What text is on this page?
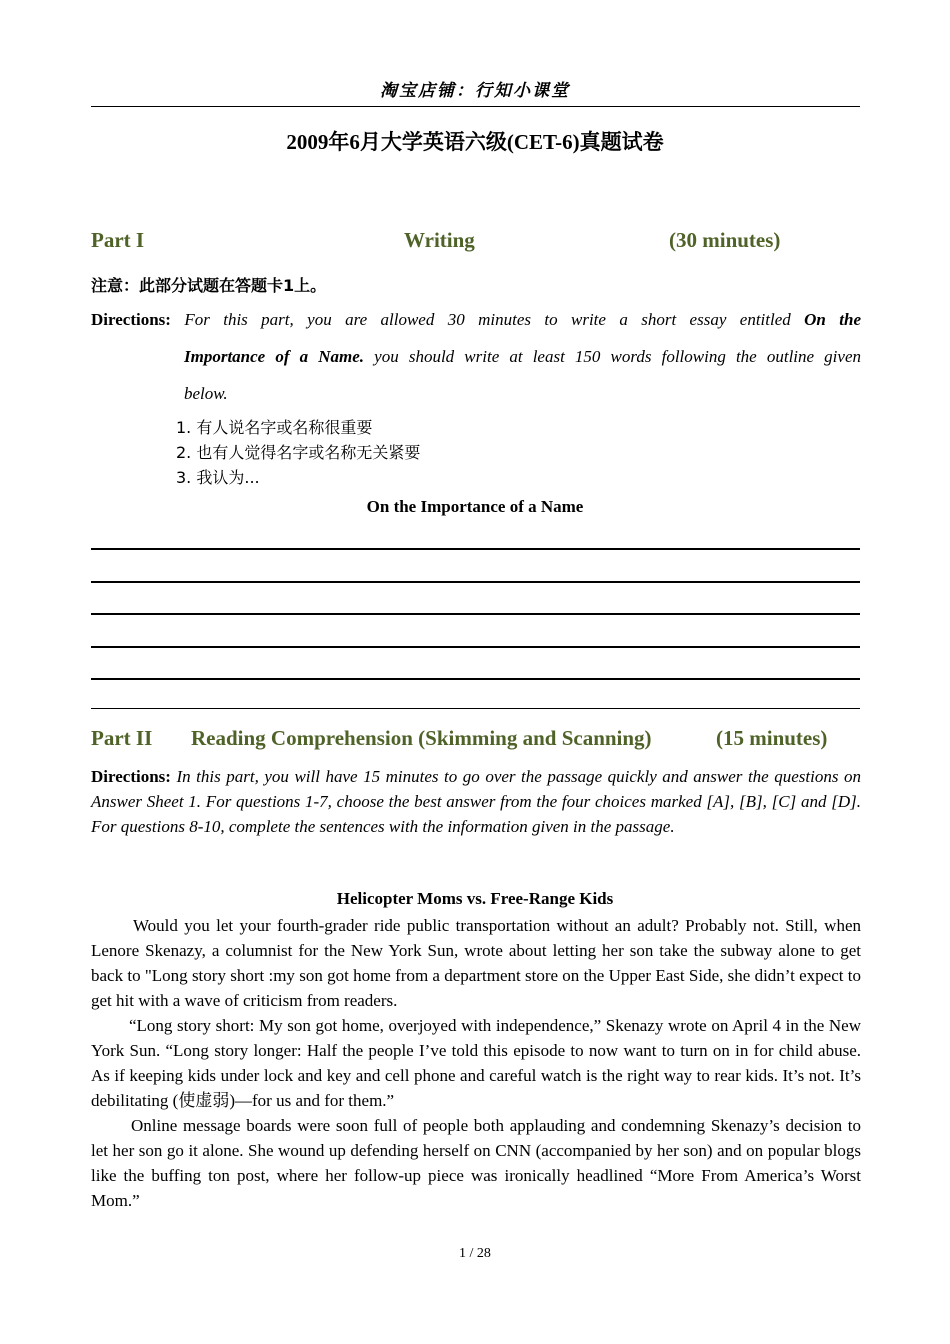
淘宝店铺：行知小课堂
2009年6月大学英语六级(CET-6)真题试卷
Part I	Writing	(30 minutes)
注意：此部分试题在答题卡1上。
Directions: For this part, you are allowed 30 minutes to write a short essay entitled On the
Importance of a Name. you should write at least 150 words following the outline given
below.
1. 有人说名字或名称很重要
2. 也有人觉得名字或名称无关紧要
3. 我认为...
On the Importance of a Name
Part II Reading Comprehension (Skimming and Scanning)	(15 minutes)
Directions: In this part, you will have 15 minutes to go over the passage quickly and answer the questions on Answer Sheet 1. For questions 1-7, choose the best answer from the four choices marked [A], [B], [C] and [D]. For questions 8-10, complete the sentences with the information given in the passage.
Helicopter Moms vs. Free-Range Kids

Would you let your fourth-grader ride public transportation without an adult? Probably not. Still, when Lenore Skenazy, a columnist for the New York Sun, wrote about letting her son take the subway alone to get back to "Long story short :my son got home from a department store on the Upper East Side, she didn’t expect to get hit with a wave of criticism from readers.

“Long story short: My son got home, overjoyed with independence,” Skenazy wrote on April 4 in the New York Sun. “Long story longer: Half the people I’ve told this episode to now want to turn on in for child abuse. As if keeping kids under lock and key and cell phone and careful watch is the right way to rear kids. It’s not. It’s debilitating (使虚弱)—for us and for them.”

Online message boards were soon full of people both applauding and condemning Skenazy’s decision to let her son go it alone. She wound up defending herself on CNN (accompanied by her son) and on popular blogs like the buffing ton post, where her follow-up piece was ironically headlined “More From America’s Worst Mom.”

1 / 28
